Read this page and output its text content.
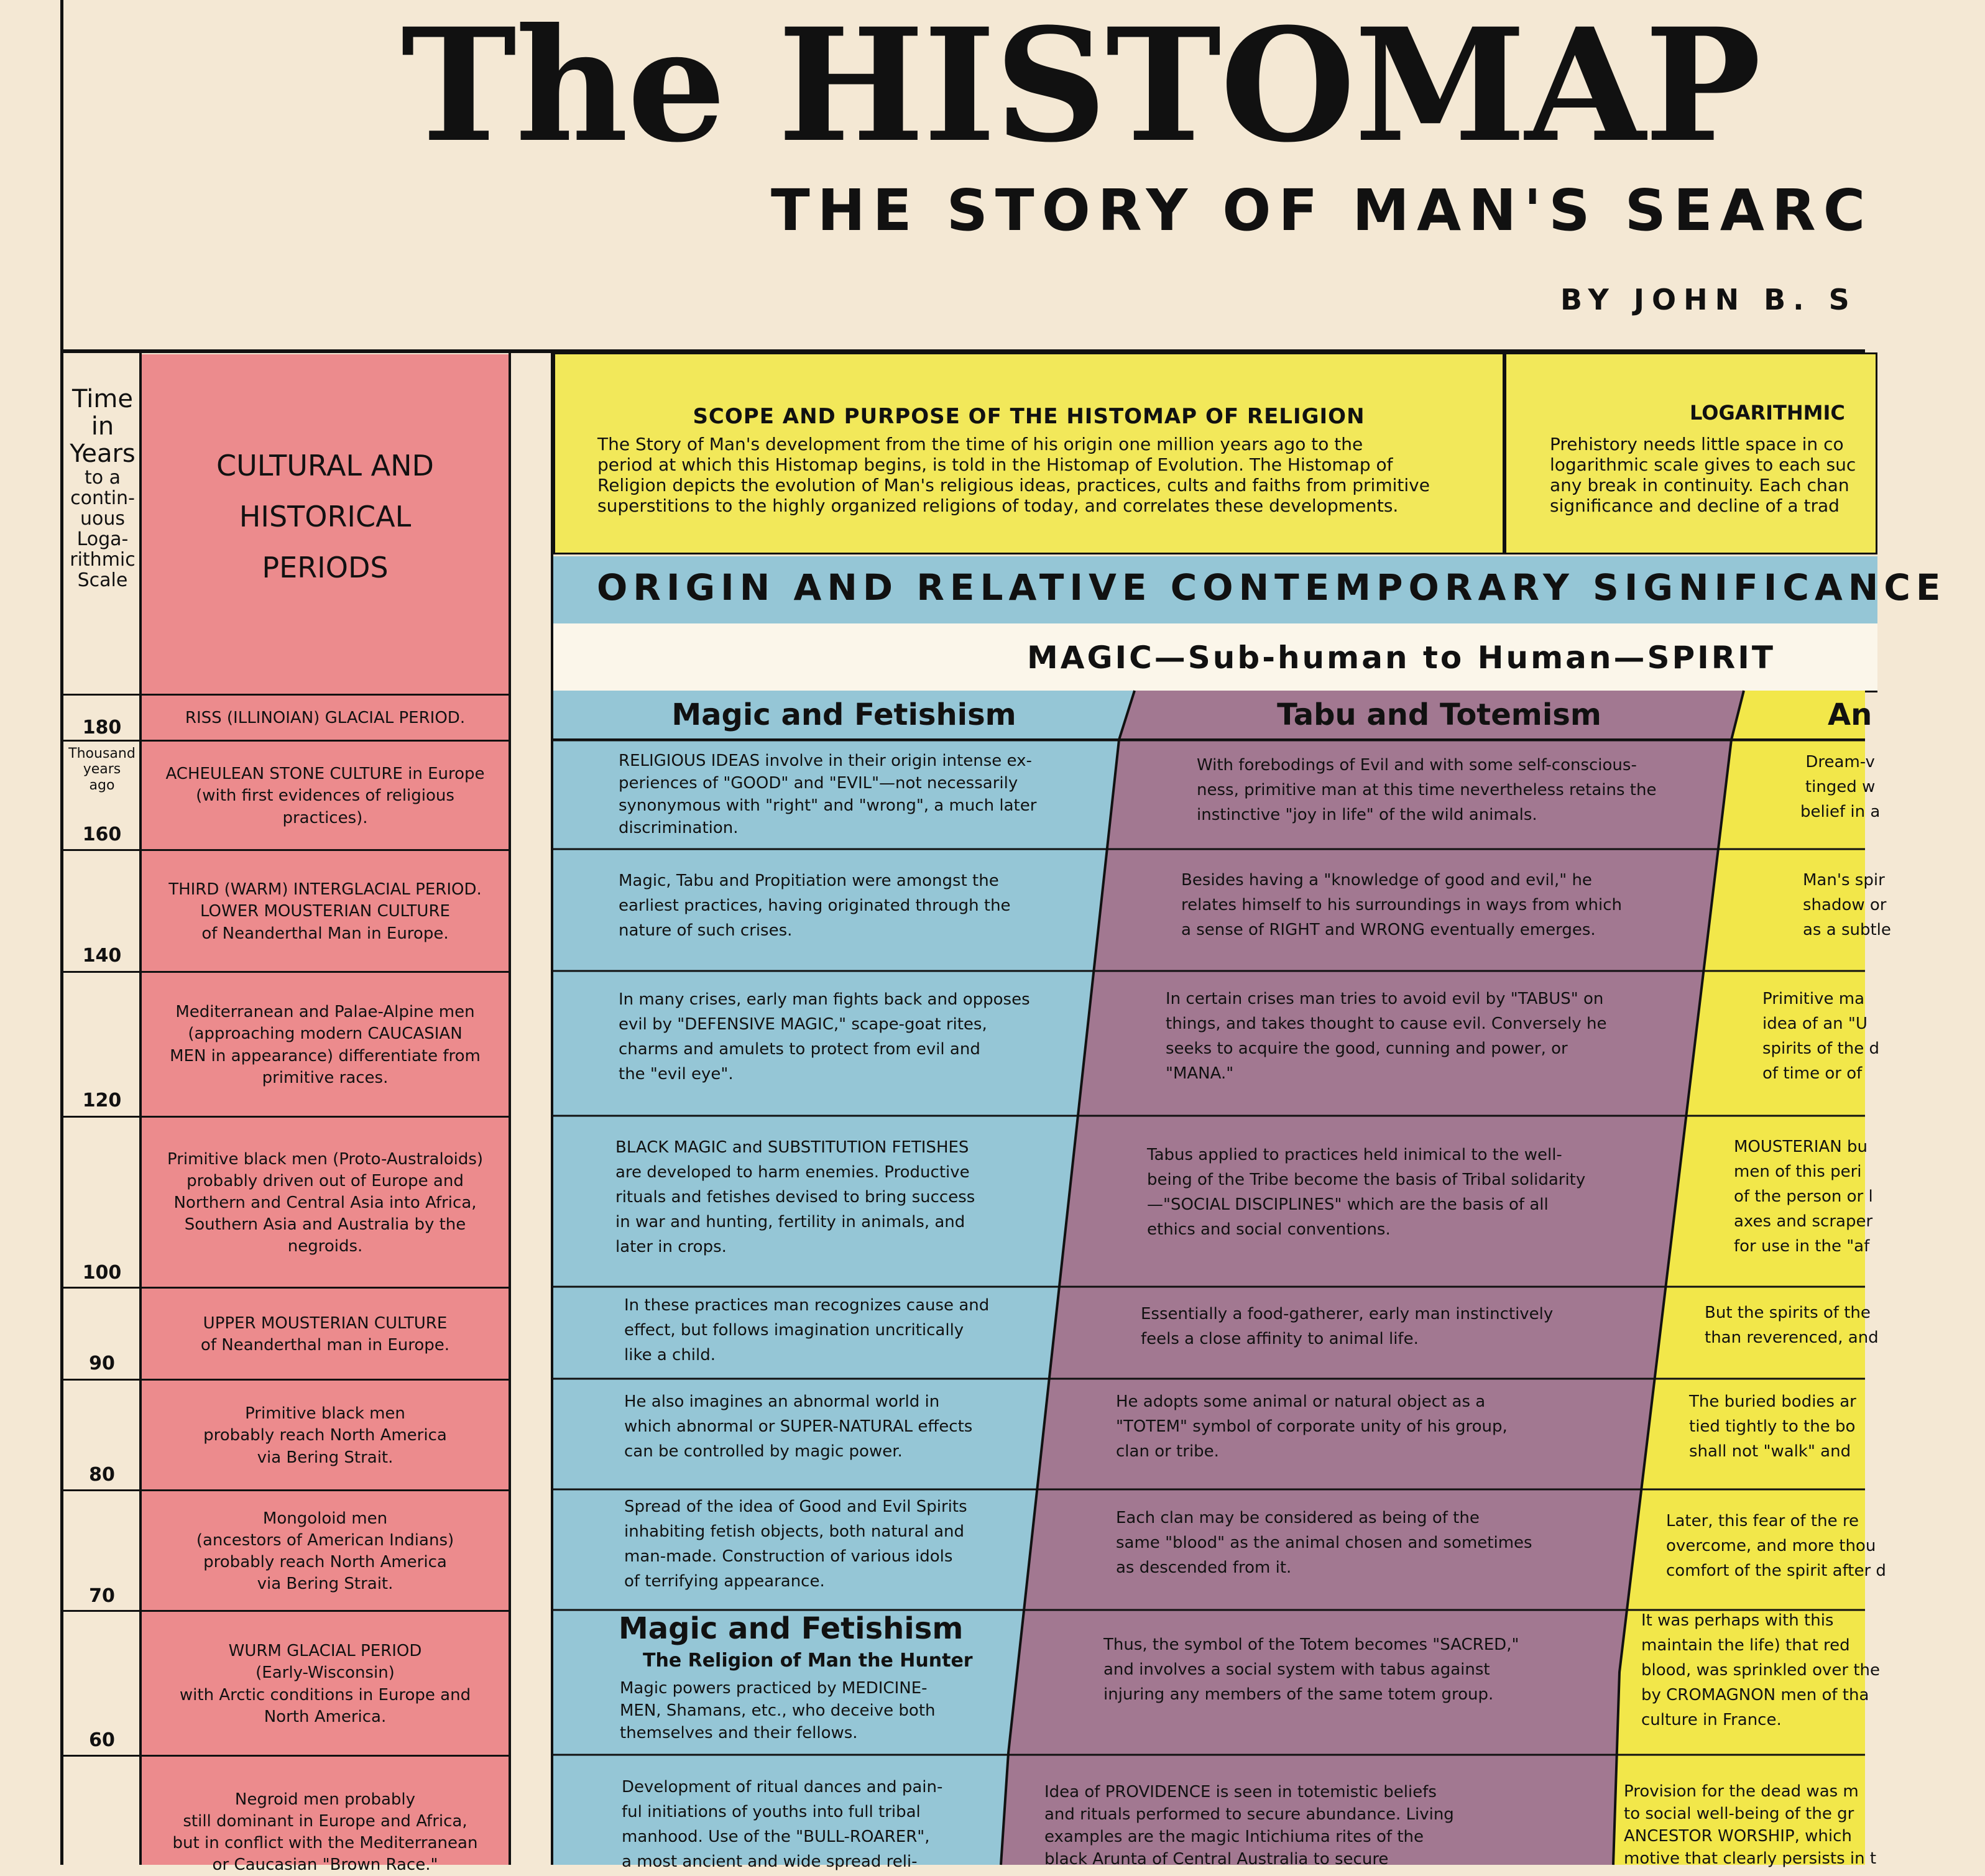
The HISTOMAP
THE STORY OF MAN'S SEARC
BY JOHN B. S
Time
in
Years
to a
contin-
uous
Loga-
rithmic
Scale
Thousand
years
ago
180
160
140
120
100
90
80
70
60
CULTURAL AND
HISTORICAL
PERIODS
RISS (ILLINOIAN) GLACIAL PERIOD.
ACHEULEAN STONE CULTURE in Europe
(with first evidences of religious
practices).
THIRD (WARM) INTERGLACIAL PERIOD.
LOWER MOUSTERIAN CULTURE
of Neanderthal Man in Europe.
Mediterranean and Palae-Alpine men
(approaching modern CAUCASIAN
MEN in appearance) differentiate from
primitive races.
Primitive black men (Proto-Australoids)
probably driven out of Europe and
Northern and Central Asia into Africa,
Southern Asia and Australia by the
negroids.
UPPER MOUSTERIAN CULTURE
of Neanderthal man in Europe.
Primitive black men
probably reach North America
via Bering Strait.
Mongoloid men
(ancestors of American Indians)
probably reach North America
via Bering Strait.
WURM GLACIAL PERIOD
(Early-Wisconsin)
with Arctic conditions in Europe and
North America.
Negroid men probably
still dominant in Europe and Africa,
but in conflict with the Mediterranean
or Caucasian "Brown Race."
SCOPE AND PURPOSE OF THE HISTOMAP OF RELIGION

The Story of Man's development from the time of his origin one million years ago to the
period at which this Histomap begins, is told in the Histomap of Evolution. The Histomap of
Religion depicts the evolution of Man's religious ideas, practices, cults and faiths from primitive
superstitions to the highly organized religions of today, and correlates these developments.

LOGARITHMIC

Prehistory needs little space in co
logarithmic scale gives to each suc
any break in continuity. Each chan
significance and decline of a trad

ORIGIN AND RELATIVE CONTEMPORARY SIGNIFICANCE
MAGIC—Sub-human to Human—SPIRIT
Magic and Fetishism	Tabu and Totemism	An
RELIGIOUS IDEAS involve in their origin intense ex-
periences of "GOOD" and "EVIL"—not necessarily
synonymous with "right" and "wrong", a much later
discrimination.
Magic, Tabu and Propitiation were amongst the
earliest practices, having originated through the
nature of such crises.
In many crises, early man fights back and opposes
evil by "DEFENSIVE MAGIC," scape-goat rites,
charms and amulets to protect from evil and
the "evil eye".
BLACK MAGIC and SUBSTITUTION FETISHES
are developed to harm enemies. Productive
rituals and fetishes devised to bring success
in war and hunting, fertility in animals, and
later in crops.
In these practices man recognizes cause and
effect, but follows imagination uncritically
like a child.
He also imagines an abnormal world in
which abnormal or SUPER-NATURAL effects
can be controlled by magic power.
Spread of the idea of Good and Evil Spirits
inhabiting fetish objects, both natural and
man-made. Construction of various idols
of terrifying appearance.
Magic and Fetishism
The Religion of Man the Hunter
Magic powers practiced by MEDICINE-
MEN, Shamans, etc., who deceive both
themselves and their fellows.
Development of ritual dances and pain-
ful initiations of youths into full tribal
manhood. Use of the "BULL-ROARER",
a most ancient and wide spread reli-
With forebodings of Evil and with some self-conscious-
ness, primitive man at this time nevertheless retains the
instinctive "joy in life" of the wild animals.
Besides having a "knowledge of good and evil," he
relates himself to his surroundings in ways from which
a sense of RIGHT and WRONG eventually emerges.
In certain crises man tries to avoid evil by "TABUS" on
things, and takes thought to cause evil. Conversely he
seeks to acquire the good, cunning and power, or
"MANA."
Tabus applied to practices held inimical to the well-
being of the Tribe become the basis of Tribal solidarity
—"SOCIAL DISCIPLINES" which are the basis of all
ethics and social conventions.
Essentially a food-gatherer, early man instinctively
feels a close affinity to animal life.
He adopts some animal or natural object as a
"TOTEM" symbol of corporate unity of his group,
clan or tribe.
Each clan may be considered as being of the
same "blood" as the animal chosen and sometimes
as descended from it.
Thus, the symbol of the Totem becomes "SACRED,"
and involves a social system with tabus against
injuring any members of the same totem group.
Idea of PROVIDENCE is seen in totemistic beliefs
and rituals performed to secure abundance. Living
examples are the magic Intichiuma rites of the
black Arunta of Central Australia to secure
Dream-v
tinged w
belief in a
Man's spir
shadow or
as a subtle
Primitive ma
idea of an "U
spirits of the d
of time or of
MOUSTERIAN bu
men of this peri
of the person or l
axes and scraper
for use in the "af
But the spirits of the
than reverenced, and
The buried bodies ar
tied tightly to the bo
shall not "walk" and
Later, this fear of the re
overcome, and more thou
comfort of the spirit after d
It was perhaps with this
maintain the life) that red
blood, was sprinkled over the
by CROMAGNON men of tha
culture in France.
Provision for the dead was m
to social well-being of the gr
ANCESTOR WORSHIP, which
motive that clearly persists in t
